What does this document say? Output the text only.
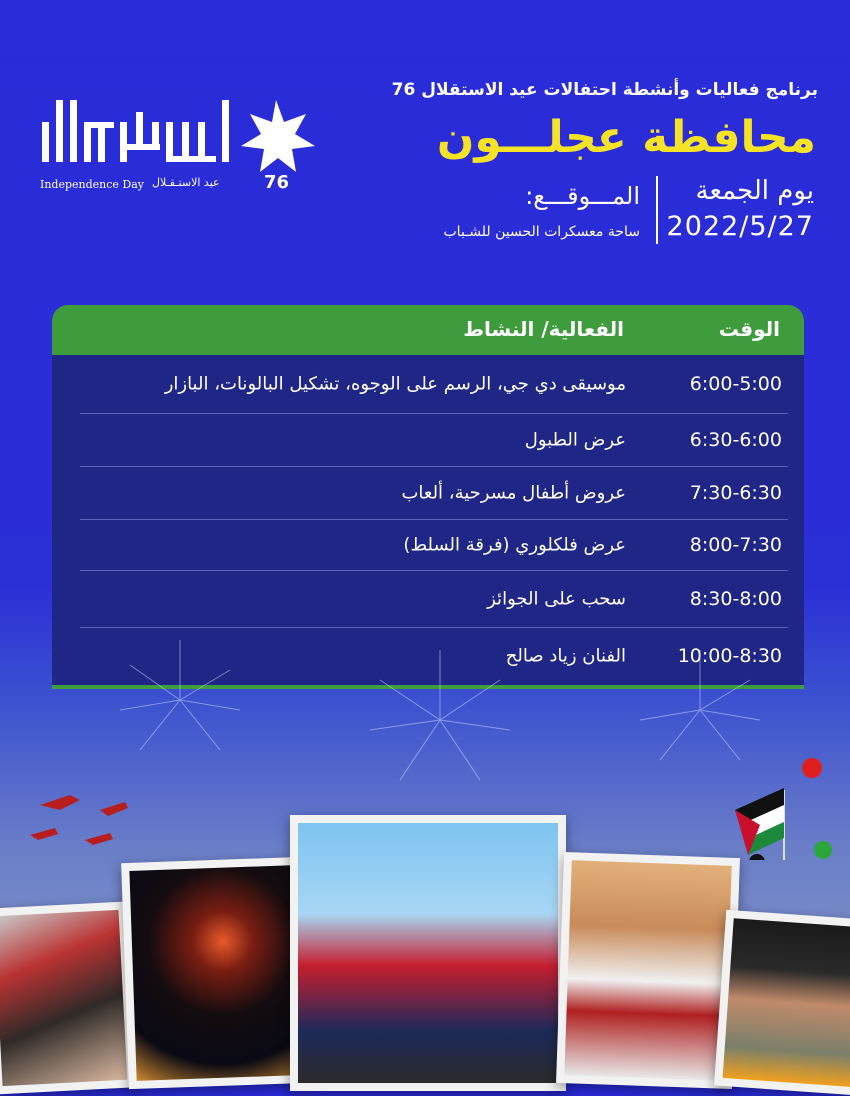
برنامج فعاليات وأنشطة احتفالات عيد الاستقلال 76
محافظة عجلـــون
يوم الجمعة
2022/5/27
المـــوقـــع:
ساحة معسكرات الحسين للشـباب
Independence Day عيد الاستـقـلال 76
الوقت
الفعالية/ النشاط
6:00-5:00
موسيقى دي جي، الرسم على الوجوه، تشكيل البالونات، البازار
6:30-6:00
عرض الطبول
7:30-6:30
عروض أطفال مسرحية، ألعاب
8:00-7:30
عرض فلكلوري (فرقة السلط)
8:30-8:00
سحب على الجوائز
10:00-8:30
الفنان زياد صالح
